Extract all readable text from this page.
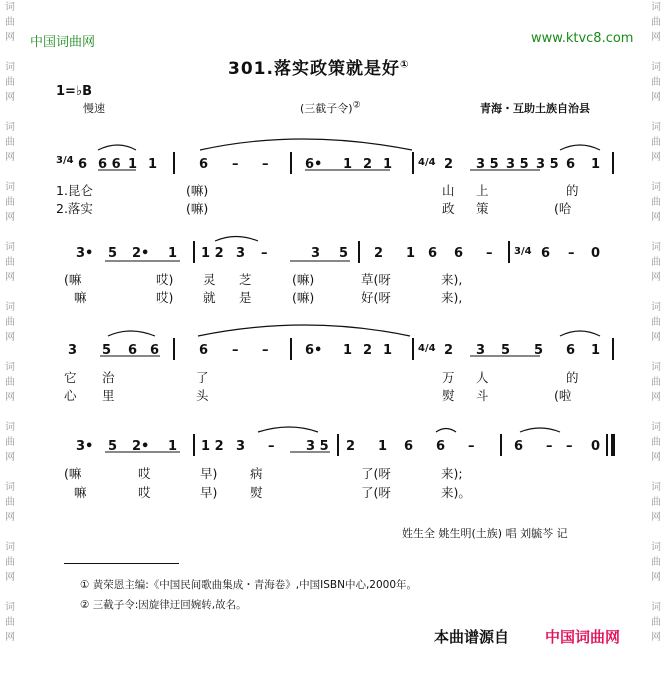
词
曲
网

词
曲
网

词
曲
网

词
曲
网

词
曲
网

词
曲
网

词
曲
网

词
曲
网

词
曲
网

词
曲
网

词
曲
网
词
曲
网

词
曲
网

词
曲
网

词
曲
网

词
曲
网

词
曲
网

词
曲
网

词
曲
网

词
曲
网

词
曲
网

词
曲
网
中国词曲网	www.ktvc8.com
301.落实政策就是好①
1=♭B
慢速	(三截子令)②	青海・互助土族自治县
3/4 6 6 6 1 1	6 – –	6• 1 2 1	4/4 2 3 5 3 5 3 5 6 1
1.昆仑	(嘛)	山 上	的
2.落实	(嘛)	政 策	(哈
3• 5 2• 1 1 2 3 –	3 5 2 1 6 6 – 3/4 6 – 0
(嘛	哎) 灵 芝	(嘛)	草(呀	来),
嘛	哎) 就 是	(嘛)	好(呀	来),
3 5 6 6	6 – –	6• 1 2 1	4/4 2 3 5 5 6 1
它 治	了	万 人	的
心 里	头	熨 斗	(啦
3• 5 2• 1 1 2 3 – 3 5 2 1 6 6 –	6 – – 0
(嘛	哎	早)	病	了(呀	来);
嘛	哎	早)	熨	了(呀	来)。
姓生全 姚生明(土族) 唱 刘毓芩 记
① 黄荣恩主编:《中国民间歌曲集成・青海卷》,中国ISBN中心,2000年。
② 三截子令:因旋律迂回婉转,故名。
本曲谱源自 中国词曲网
